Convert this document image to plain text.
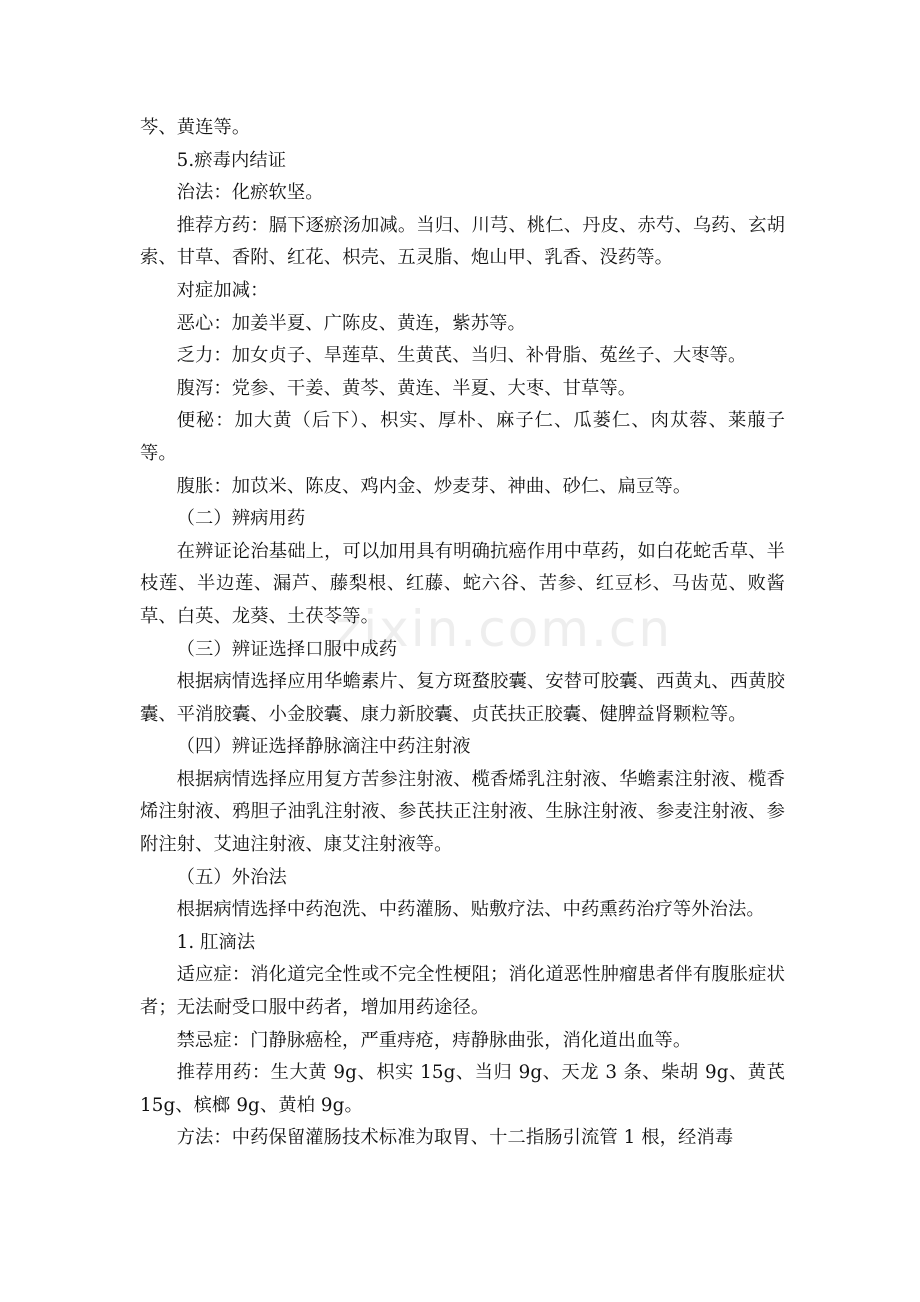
芩、黄连等。

5.瘀毒内结证

治法：化瘀软坚。

推荐方药：膈下逐瘀汤加减。当归、川芎、桃仁、丹皮、赤芍、乌药、玄胡索、甘草、香附、红花、枳壳、五灵脂、炮山甲、乳香、没药等。

对症加减：

恶心：加姜半夏、广陈皮、黄连，紫苏等。

乏力：加女贞子、旱莲草、生黄芪、当归、补骨脂、菟丝子、大枣等。

腹泻：党参、干姜、黄芩、黄连、半夏、大枣、甘草等。

便秘：加大黄（后下）、枳实、厚朴、麻子仁、瓜蒌仁、肉苁蓉、莱菔子等。

腹胀：加苡米、陈皮、鸡内金、炒麦芽、神曲、砂仁、扁豆等。

（二）辨病用药

在辨证论治基础上，可以加用具有明确抗癌作用中草药，如白花蛇舌草、半枝莲、半边莲、漏芦、藤梨根、红藤、蛇六谷、苦参、红豆杉、马齿苋、败酱草、白英、龙葵、土茯苓等。

（三）辨证选择口服中成药

根据病情选择应用华蟾素片、复方斑蝥胶囊、安替可胶囊、西黄丸、西黄胶囊、平消胶囊、小金胶囊、康力新胶囊、贞芪扶正胶囊、健脾益肾颗粒等。

（四）辨证选择静脉滴注中药注射液

根据病情选择应用复方苦参注射液、榄香烯乳注射液、华蟾素注射液、榄香烯注射液、鸦胆子油乳注射液、参芪扶正注射液、生脉注射液、参麦注射液、参附注射、艾迪注射液、康艾注射液等。

（五）外治法

根据病情选择中药泡洗、中药灌肠、贴敷疗法、中药熏药治疗等外治法。

1. 肛滴法

适应症：消化道完全性或不完全性梗阻；消化道恶性肿瘤患者伴有腹胀症状者；无法耐受口服中药者，增加用药途径。

禁忌症：门静脉癌栓，严重痔疮，痔静脉曲张，消化道出血等。

推荐用药：生大黄 9g、枳实 15g、当归 9g、天龙 3 条、柴胡 9g、黄芪 15g、槟榔 9g、黄柏 9g。

方法：中药保留灌肠技术标准为取胃、十二指肠引流管 1 根，经消毒

zixin.com.cn
